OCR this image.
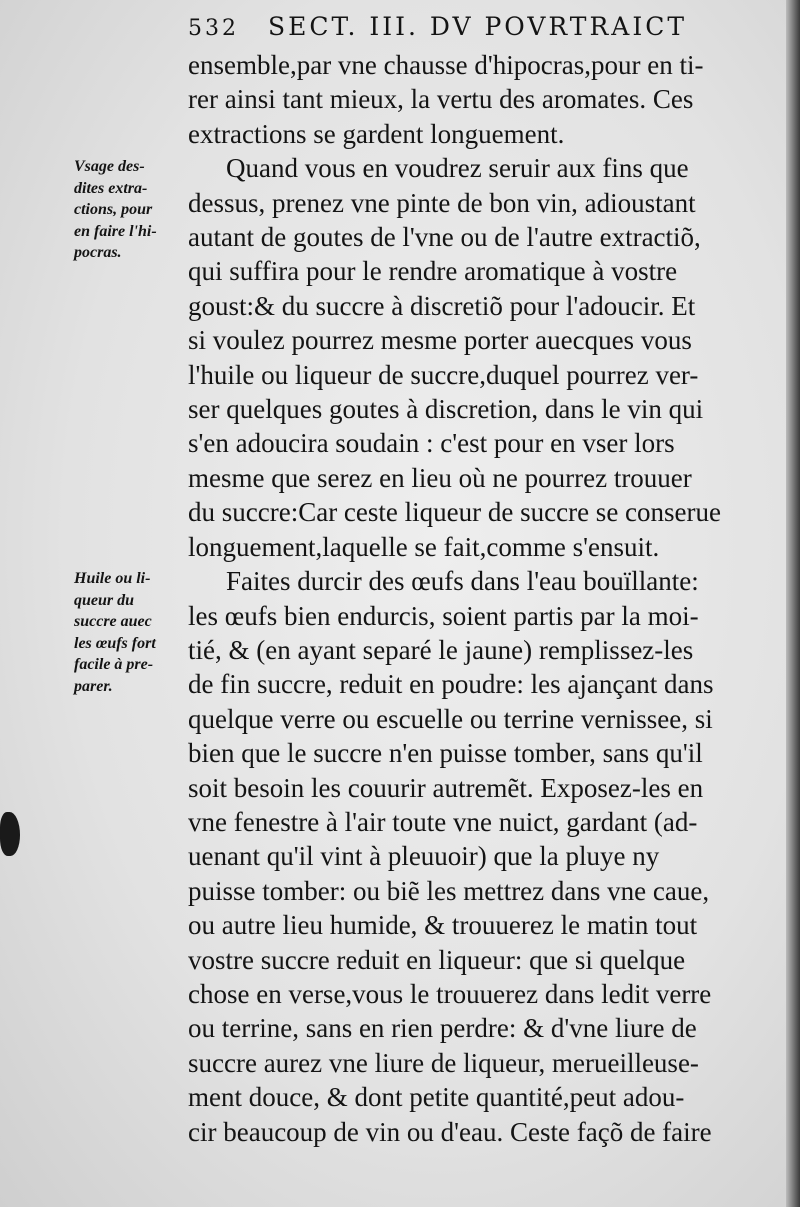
532 SECT. III. DV POVRTRAICT
Vsage des-
dites extra-
ctions, pour
en faire l'hi-
pocras.
Huile ou li-
queur du
succre auec
les œufs fort
facile à pre-
parer.
ensemble,par vne chausse d'hipocras,pour en ti-
rer ainsi tant mieux, la vertu des aromates. Ces
extractions se gardent longuement.
Quand vous en voudrez seruir aux fins que
dessus, prenez vne pinte de bon vin, adioustant
autant de goutes de l'vne ou de l'autre extractiõ,
qui suffira pour le rendre aromatique à vostre
goust:& du succre à discretiõ pour l'adoucir. Et
si voulez pourrez mesme porter auecques vous
l'huile ou liqueur de succre,duquel pourrez ver-
ser quelques goutes à discretion, dans le vin qui
s'en adoucira soudain : c'est pour en vser lors
mesme que serez en lieu où ne pourrez trouuer
du succre:Car ceste liqueur de succre se conserue
longuement,laquelle se fait,comme s'ensuit.
Faites durcir des œufs dans l'eau bouïllante:
les œufs bien endurcis, soient partis par la moi-
tié, & (en ayant separé le jaune) remplissez-les
de fin succre, reduit en poudre: les ajançant dans
quelque verre ou escuelle ou terrine vernissee, si
bien que le succre n'en puisse tomber, sans qu'il
soit besoin les couurir autremẽt. Exposez-les en
vne fenestre à l'air toute vne nuict, gardant (ad-
uenant qu'il vint à pleuuoir) que la pluye ny
puisse tomber: ou biẽ les mettrez dans vne caue,
ou autre lieu humide, & trouuerez le matin tout
vostre succre reduit en liqueur: que si quelque
chose en verse,vous le trouuerez dans ledit verre
ou terrine, sans en rien perdre: & d'vne liure de
succre aurez vne liure de liqueur, merueilleuse-
ment douce, & dont petite quantité,peut adou-
cir beaucoup de vin ou d'eau. Ceste façõ de faire
